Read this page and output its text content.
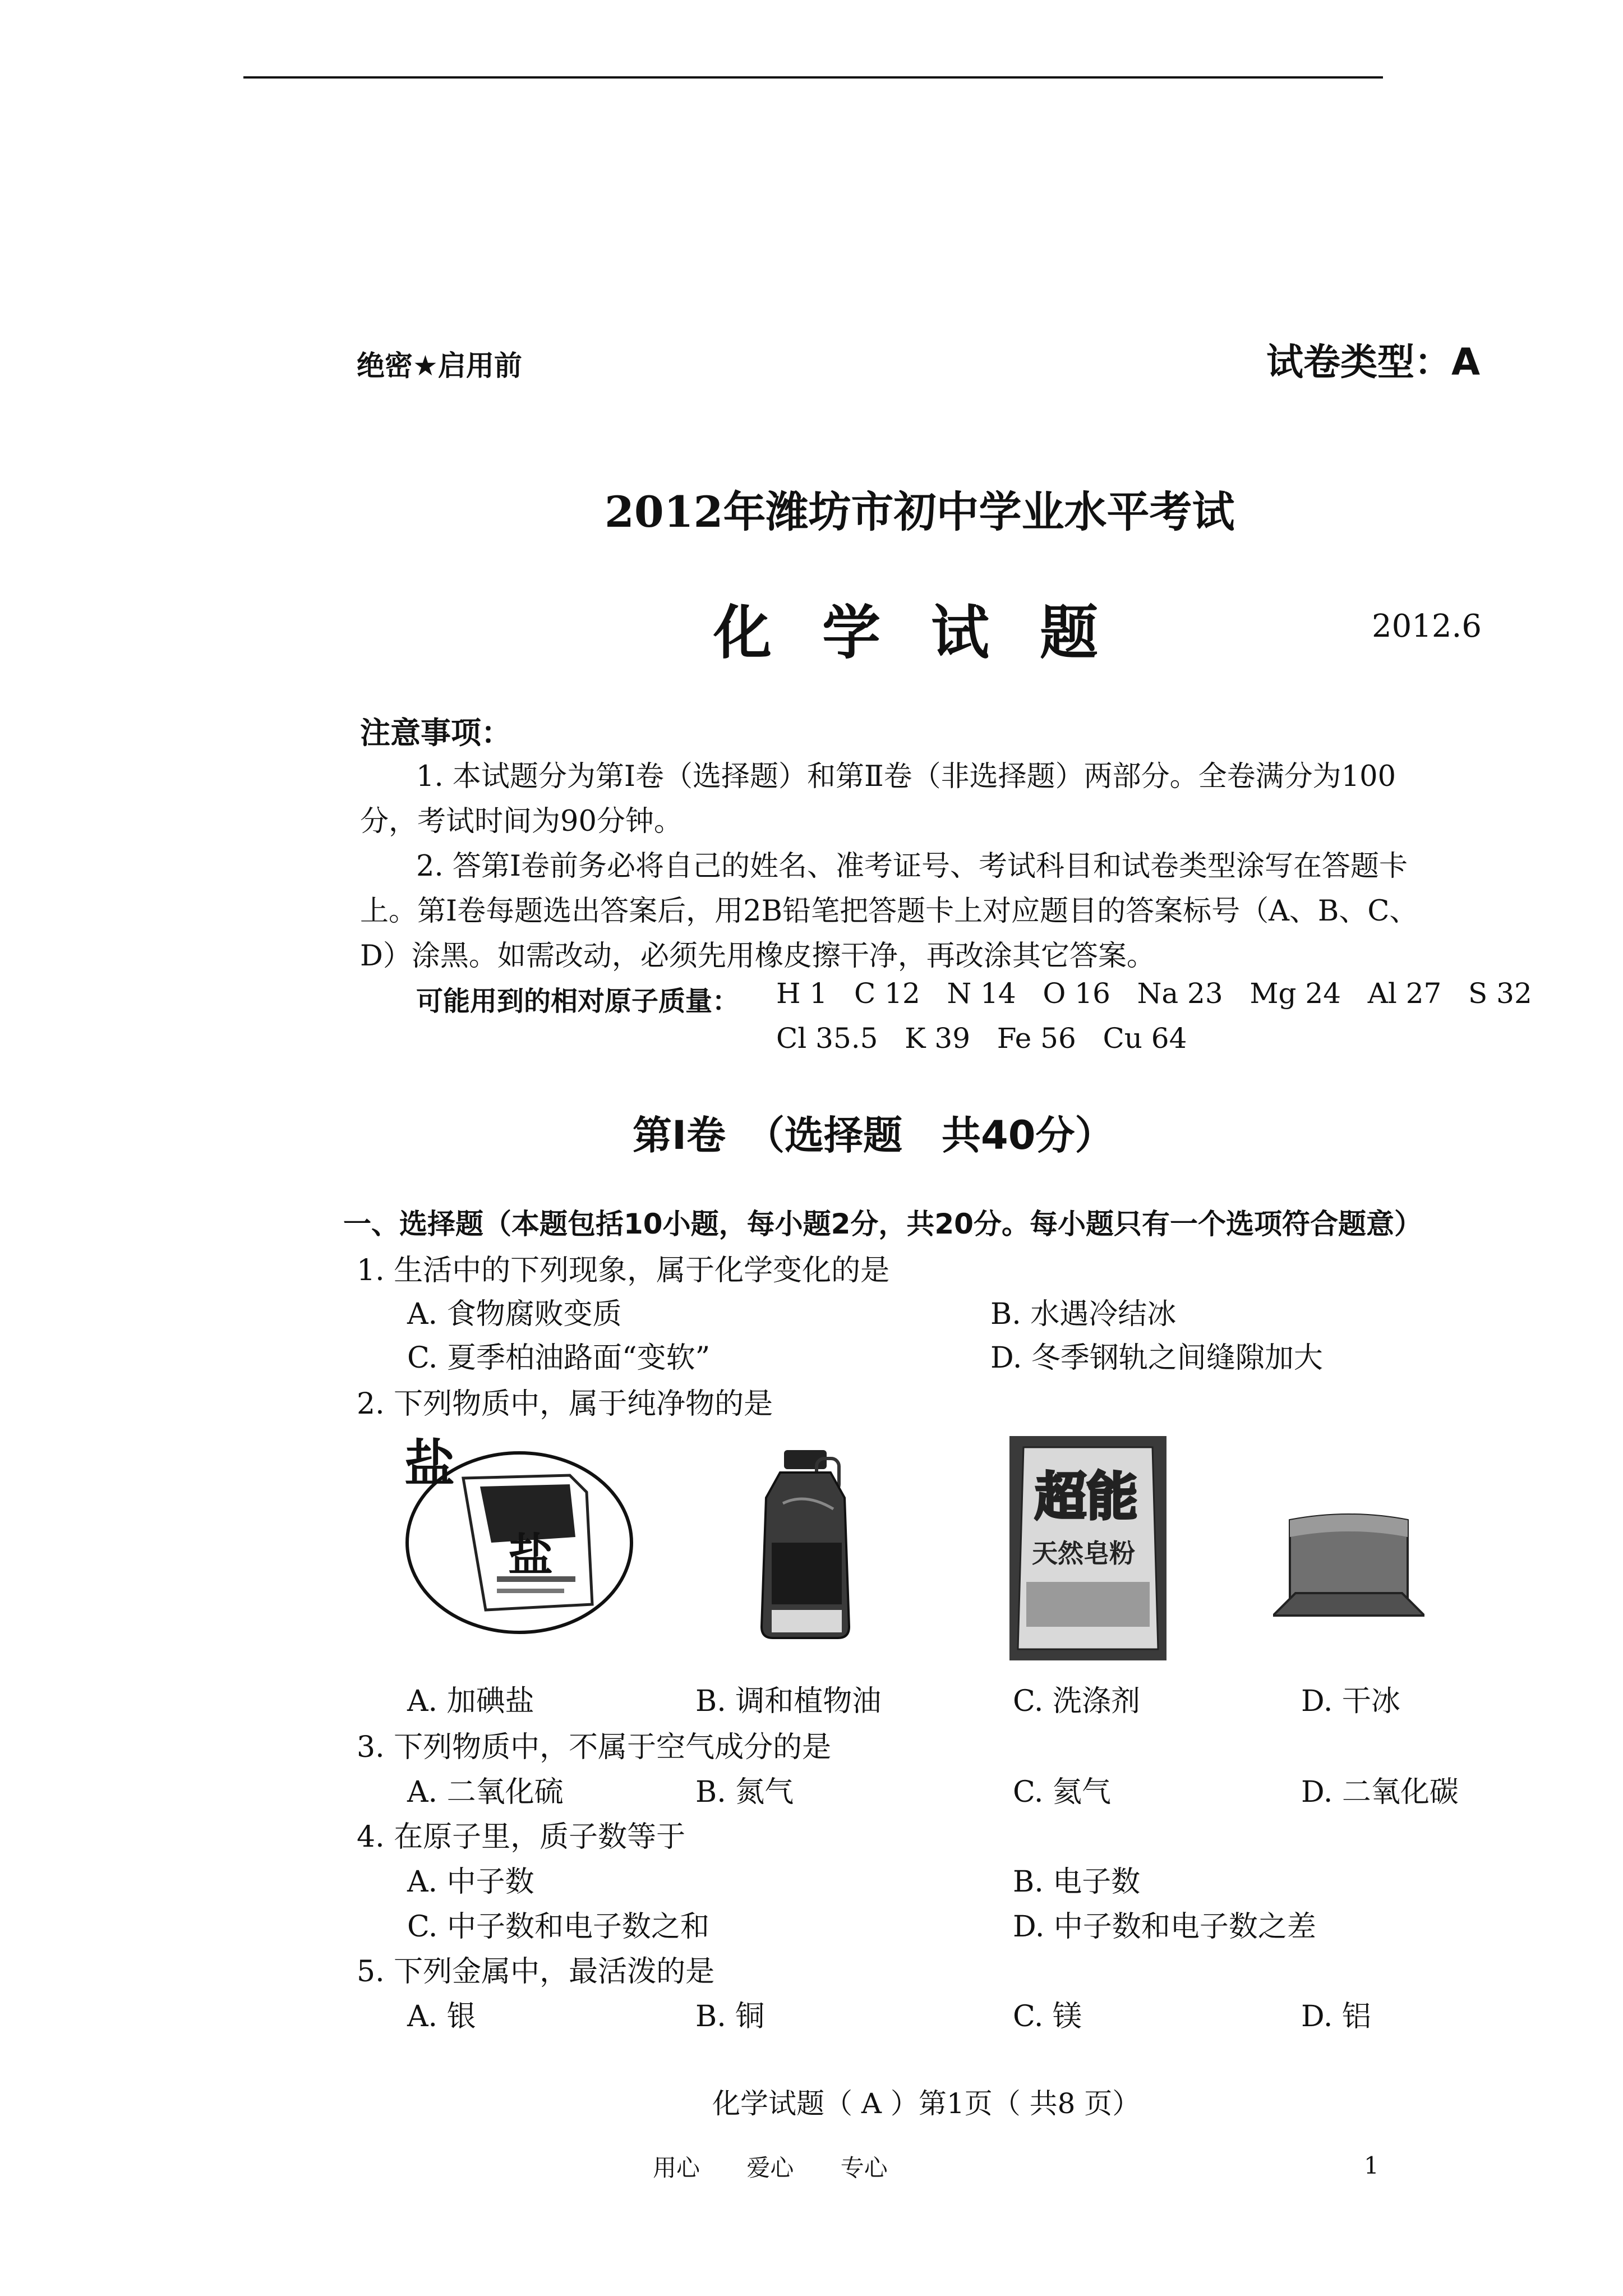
绝密★启用前	试卷类型：A
2012年潍坊市初中学业水平考试
化学试题	2012.6
注意事项：
1. 本试题分为第Ⅰ卷（选择题）和第Ⅱ卷（非选择题）两部分。全卷满分为100
分，考试时间为90分钟。
2. 答第Ⅰ卷前务必将自己的姓名、准考证号、考试科目和试卷类型涂写在答题卡
上。第Ⅰ卷每题选出答案后，用2B铅笔把答题卡上对应题目的答案标号（A、B、C、
D）涂黑。如需改动，必须先用橡皮擦干净，再改涂其它答案。
可能用到的相对原子质量： H 1   C 12   N 14   O 16   Na 23   Mg 24   Al 27   S 32
Cl 35.5   K 39   Fe 56   Cu 64
第Ⅰ卷　（选择题　共40分）
一、选择题（本题包括10小题，每小题2分，共20分。每小题只有一个选项符合题意）
1. 生活中的下列现象，属于化学变化的是
A. 食物腐败变质	B. 水遇冷结冰
C. 夏季柏油路面“变软”	D. 冬季钢轨之间缝隙加大
2. 下列物质中，属于纯净物的是
盐
盐
超能
天然皂粉
A. 加碘盐	B. 调和植物油	C. 洗涤剂	D. 干冰
3. 下列物质中，不属于空气成分的是
A. 二氧化硫	B. 氮气	C. 氦气	D. 二氧化碳
4. 在原子里，质子数等于
A. 中子数	B. 电子数
C. 中子数和电子数之和	D. 中子数和电子数之差
5. 下列金属中，最活泼的是
A. 银	B. 铜	C. 镁	D. 铝
化学试题（ A ）第1页（ 共8 页）
用心 爱心 专心	1
